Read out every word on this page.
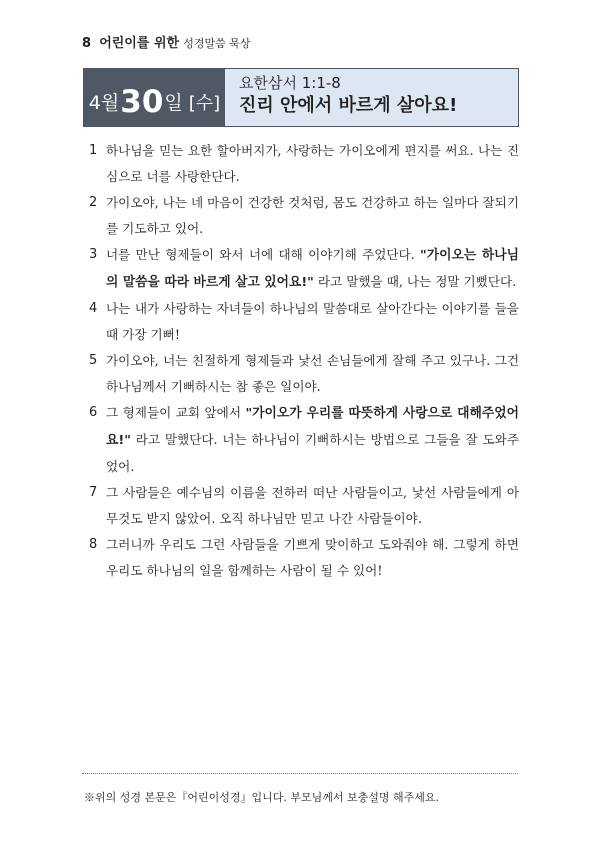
8 어린이를 위한 성경말씀 묵상
4월 30 일 [수]
요한삼서 1:1-8
진리 안에서 바르게 살아요!
1 하나님을 믿는 요한 할아버지가, 사랑하는 가이오에게 편지를 써요. 나는 진심으로 너를 사랑한단다.
2 가이오야, 나는 네 마음이 건강한 것처럼, 몸도 건강하고 하는 일마다 잘되기를 기도하고 있어.
3 너를 만난 형제들이 와서 너에 대해 이야기해 주었단다. "가이오는 하나님의 말씀을 따라 바르게 살고 있어요!" 라고 말했을 때, 나는 정말 기뻤단다.
4 나는 내가 사랑하는 자녀들이 하나님의 말씀대로 살아간다는 이야기를 들을 때 가장 기뻐!
5 가이오야, 너는 친절하게 형제들과 낯선 손님들에게 잘해 주고 있구나. 그건 하나님께서 기뻐하시는 참 좋은 일이야.
6 그 형제들이 교회 앞에서 "가이오가 우리를 따뜻하게 사랑으로 대해주었어요!" 라고 말했단다. 너는 하나님이 기뻐하시는 방법으로 그들을 잘 도와주었어.
7 그 사람들은 예수님의 이름을 전하러 떠난 사람들이고, 낯선 사람들에게 아무것도 받지 않았어. 오직 하나님만 믿고 나간 사람들이야.
8 그러니까 우리도 그런 사람들을 기쁘게 맞이하고 도와줘야 해. 그렇게 하면 우리도 하나님의 일을 함께하는 사람이 될 수 있어!
※위의 성경 본문은『어린이성경』입니다. 부모님께서 보충설명 해주세요.
